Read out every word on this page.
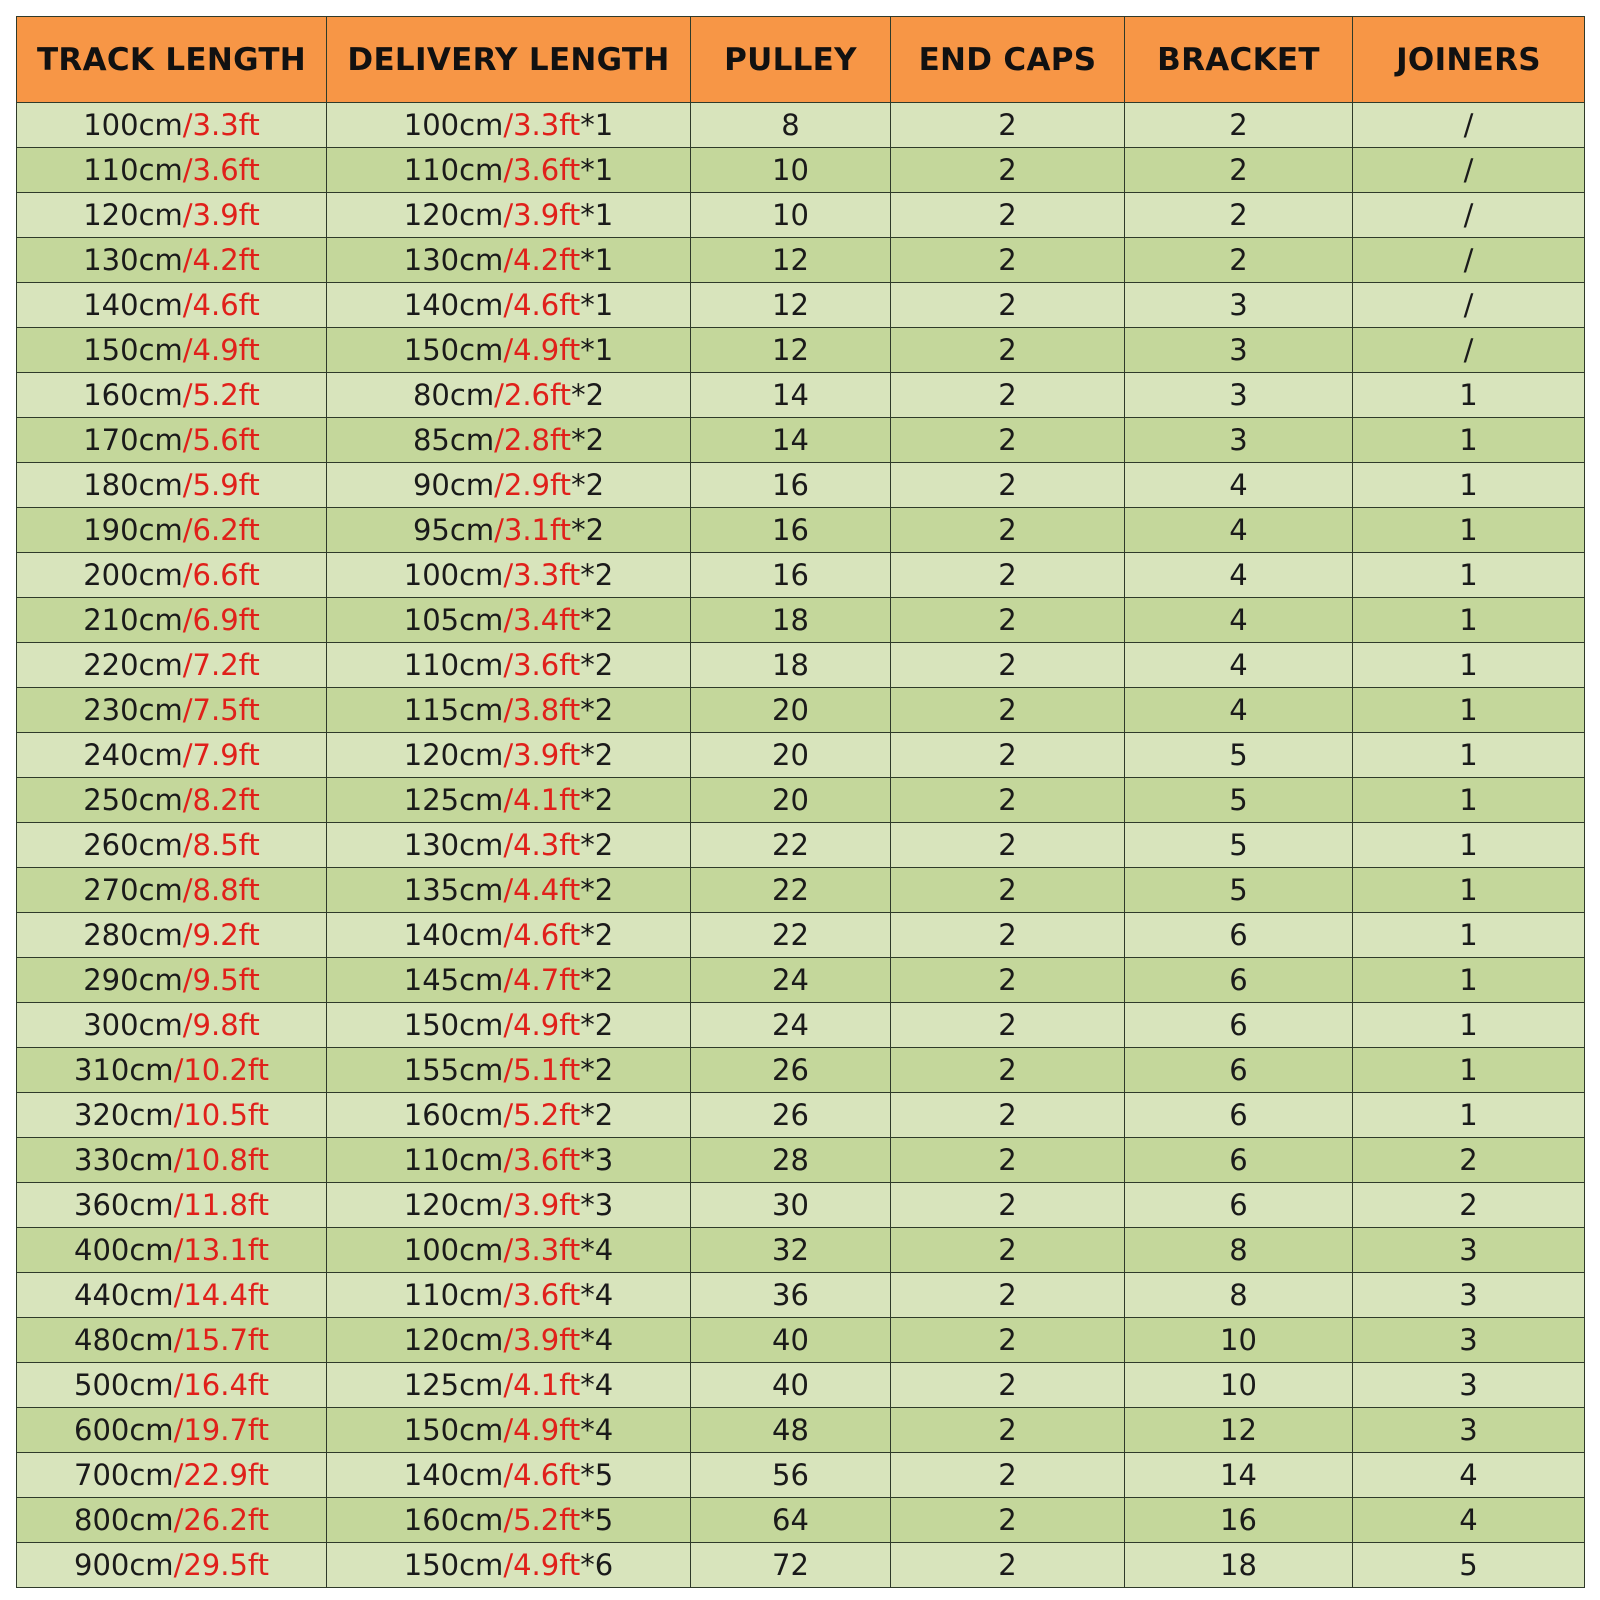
TRACK LENGTH	DELIVERY LENGTH	PULLEY	END CAPS	BRACKET	JOINERS
100cm/3.3ft	100cm/3.3ft*1	8	2	2	/
110cm/3.6ft	110cm/3.6ft*1	10	2	2	/
120cm/3.9ft	120cm/3.9ft*1	10	2	2	/
130cm/4.2ft	130cm/4.2ft*1	12	2	2	/
140cm/4.6ft	140cm/4.6ft*1	12	2	3	/
150cm/4.9ft	150cm/4.9ft*1	12	2	3	/
160cm/5.2ft	80cm/2.6ft*2	14	2	3	1
170cm/5.6ft	85cm/2.8ft*2	14	2	3	1
180cm/5.9ft	90cm/2.9ft*2	16	2	4	1
190cm/6.2ft	95cm/3.1ft*2	16	2	4	1
200cm/6.6ft	100cm/3.3ft*2	16	2	4	1
210cm/6.9ft	105cm/3.4ft*2	18	2	4	1
220cm/7.2ft	110cm/3.6ft*2	18	2	4	1
230cm/7.5ft	115cm/3.8ft*2	20	2	4	1
240cm/7.9ft	120cm/3.9ft*2	20	2	5	1
250cm/8.2ft	125cm/4.1ft*2	20	2	5	1
260cm/8.5ft	130cm/4.3ft*2	22	2	5	1
270cm/8.8ft	135cm/4.4ft*2	22	2	5	1
280cm/9.2ft	140cm/4.6ft*2	22	2	6	1
290cm/9.5ft	145cm/4.7ft*2	24	2	6	1
300cm/9.8ft	150cm/4.9ft*2	24	2	6	1
310cm/10.2ft	155cm/5.1ft*2	26	2	6	1
320cm/10.5ft	160cm/5.2ft*2	26	2	6	1
330cm/10.8ft	110cm/3.6ft*3	28	2	6	2
360cm/11.8ft	120cm/3.9ft*3	30	2	6	2
400cm/13.1ft	100cm/3.3ft*4	32	2	8	3
440cm/14.4ft	110cm/3.6ft*4	36	2	8	3
480cm/15.7ft	120cm/3.9ft*4	40	2	10	3
500cm/16.4ft	125cm/4.1ft*4	40	2	10	3
600cm/19.7ft	150cm/4.9ft*4	48	2	12	3
700cm/22.9ft	140cm/4.6ft*5	56	2	14	4
800cm/26.2ft	160cm/5.2ft*5	64	2	16	4
900cm/29.5ft	150cm/4.9ft*6	72	2	18	5
